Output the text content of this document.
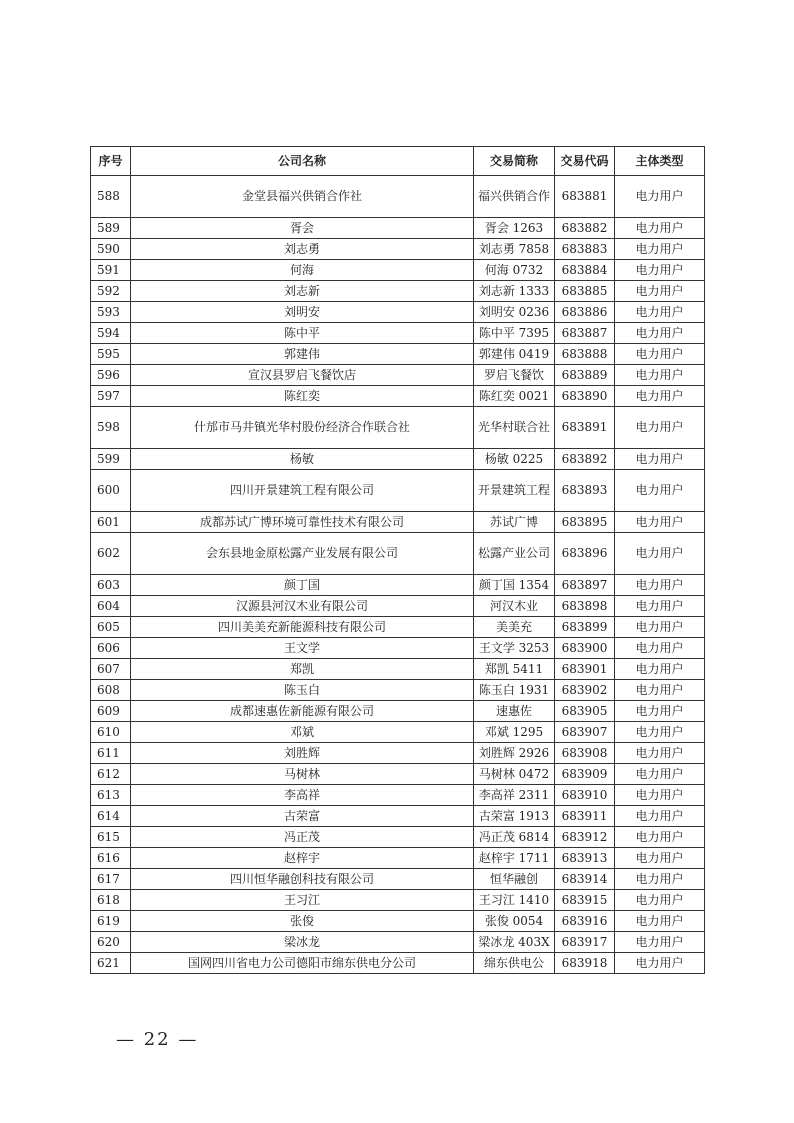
序号	公司名称	交易简称	交易代码	主体类型
588	金堂县福兴供销合作社	福兴供销合作	683881	电力用户
589	胥会	胥会 1263	683882	电力用户
590	刘志勇	刘志勇 7858	683883	电力用户
591	何海	何海 0732	683884	电力用户
592	刘志新	刘志新 1333	683885	电力用户
593	刘明安	刘明安 0236	683886	电力用户
594	陈中平	陈中平 7395	683887	电力用户
595	郭建伟	郭建伟 0419	683888	电力用户
596	宣汉县罗启飞餐饮店	罗启飞餐饮	683889	电力用户
597	陈红奕	陈红奕 0021	683890	电力用户
598	什邡市马井镇光华村股份经济合作联合社	光华村联合社	683891	电力用户
599	杨敏	杨敏 0225	683892	电力用户
600	四川开景建筑工程有限公司	开景建筑工程	683893	电力用户
601	成都苏试广博环境可靠性技术有限公司	苏试广博	683895	电力用户
602	会东县地金原松露产业发展有限公司	松露产业公司	683896	电力用户
603	颜丁国	颜丁国 1354	683897	电力用户
604	汉源县河汉木业有限公司	河汉木业	683898	电力用户
605	四川美美充新能源科技有限公司	美美充	683899	电力用户
606	王文学	王文学 3253	683900	电力用户
607	郑凯	郑凯 5411	683901	电力用户
608	陈玉白	陈玉白 1931	683902	电力用户
609	成都速惠佐新能源有限公司	速惠佐	683905	电力用户
610	邓斌	邓斌 1295	683907	电力用户
611	刘胜辉	刘胜辉 2926	683908	电力用户
612	马树林	马树林 0472	683909	电力用户
613	李高祥	李高祥 2311	683910	电力用户
614	古荣富	古荣富 1913	683911	电力用户
615	冯正茂	冯正茂 6814	683912	电力用户
616	赵梓宇	赵梓宇 1711	683913	电力用户
617	四川恒华融创科技有限公司	恒华融创	683914	电力用户
618	王习江	王习江 1410	683915	电力用户
619	张俊	张俊 0054	683916	电力用户
620	梁冰龙	梁冰龙 403X	683917	电力用户
621	国网四川省电力公司德阳市绵东供电分公司	绵东供电公	683918	电力用户
— 22 —
